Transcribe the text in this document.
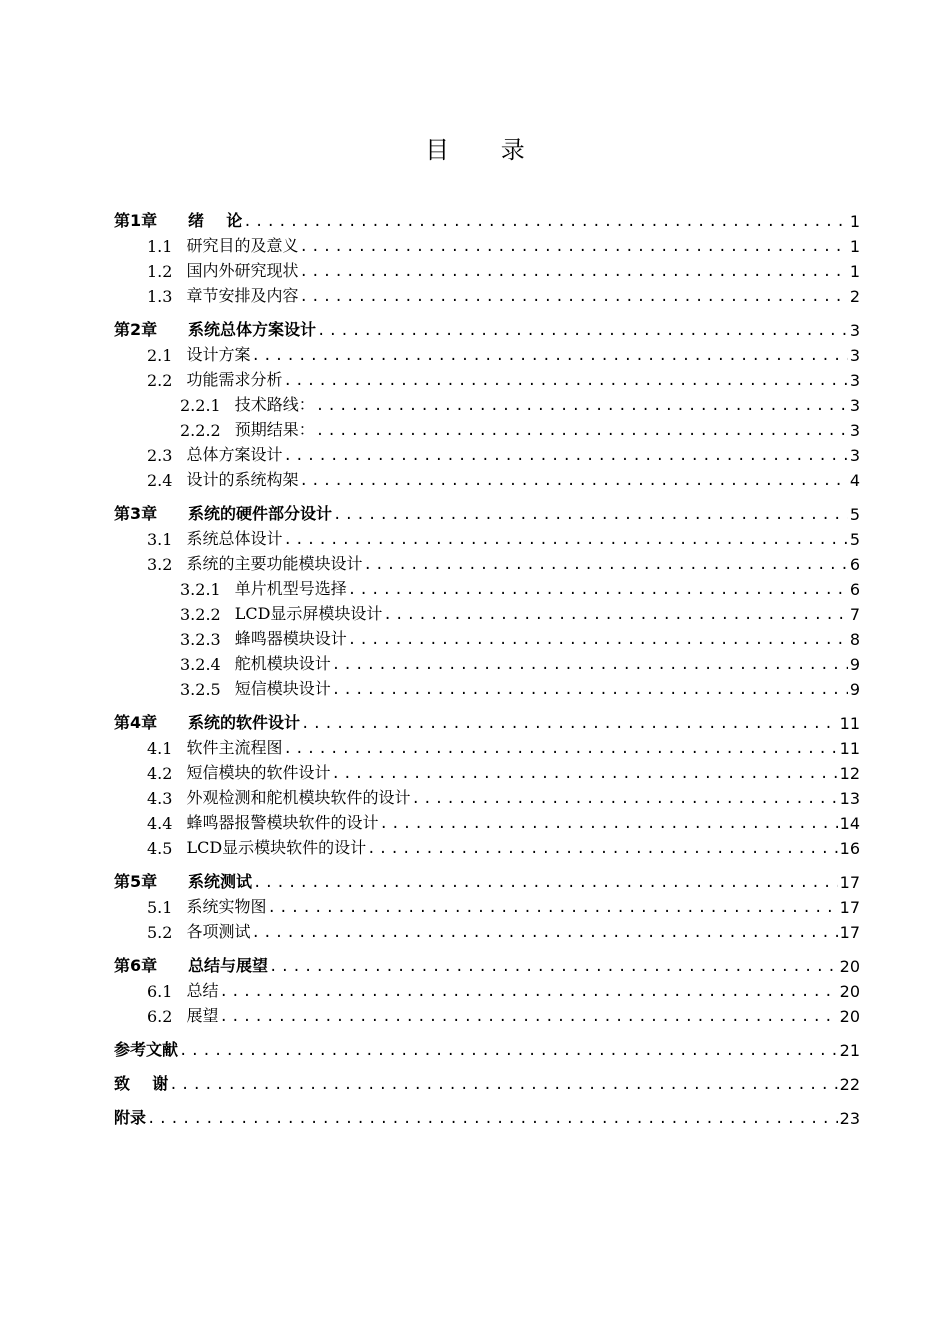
目 录
第1章	绪    论 .....	1
1.1 研究目的及意义 .....	1
1.2 国内外研究现状 .....	1
1.3 章节安排及内容 .....	2
第2章	系统总体方案设计 .....	3
2.1 设计方案 .....	3
2.2 功能需求分析 .....	3
2.2.1 技术路线： .....	3
2.2.2 预期结果： .....	3
2.3 总体方案设计 .....	3
2.4 设计的系统构架 .....	4
第3章	系统的硬件部分设计 .....	5
3.1 系统总体设计 .....	5
3.2 系统的主要功能模块设计 .....	6
3.2.1 单片机型号选择 .....	6
3.2.2 LCD显示屏模块设计 .....	7
3.2.3 蜂鸣器模块设计 .....	8
3.2.4 舵机模块设计 .....	9
3.2.5 短信模块设计 .....	9
第4章	系统的软件设计 .....	11
4.1 软件主流程图 .....	11
4.2 短信模块的软件设计 .....	12
4.3 外观检测和舵机模块软件的设计 .....	13
4.4 蜂鸣器报警模块软件的设计 .....	14
4.5 LCD显示模块软件的设计 .....	16
第5章	系统测试 .....	17
5.1 系统实物图 .....	17
5.2 各项测试 .....	17
第6章	总结与展望 .....	20
6.1 总结 .....	20
6.2 展望 .....	20
参考文献 .....	21
致    谢 .....	22
附录 .....	23
